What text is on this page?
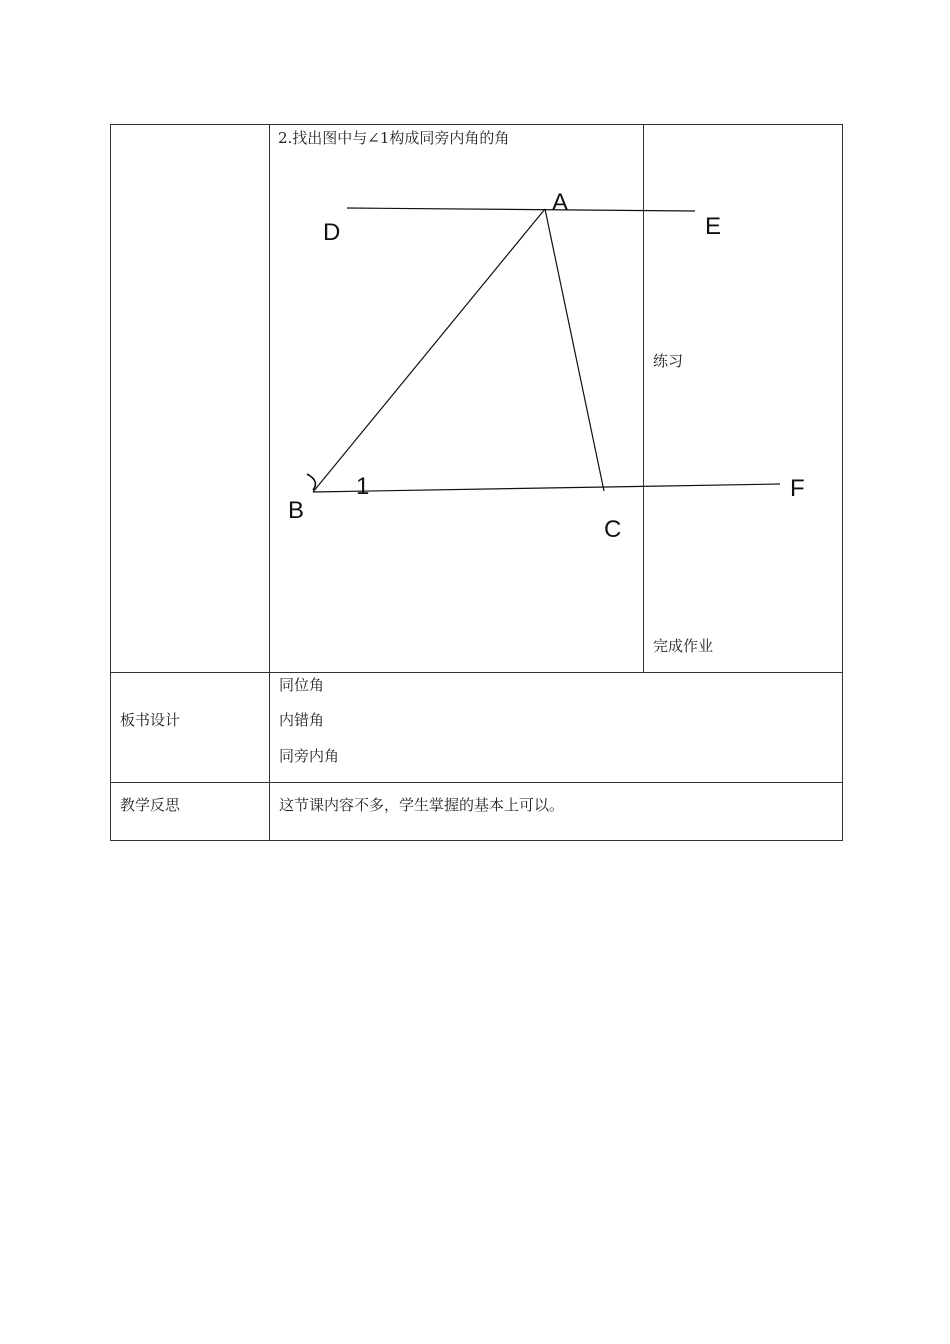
2.找出图中与∠1构成同旁内角的角
D
A
E
B
1
C
F
练习
完成作业
板书设计
同位角
内错角
同旁内角
教学反思	这节课内容不多，学生掌握的基本上可以。
